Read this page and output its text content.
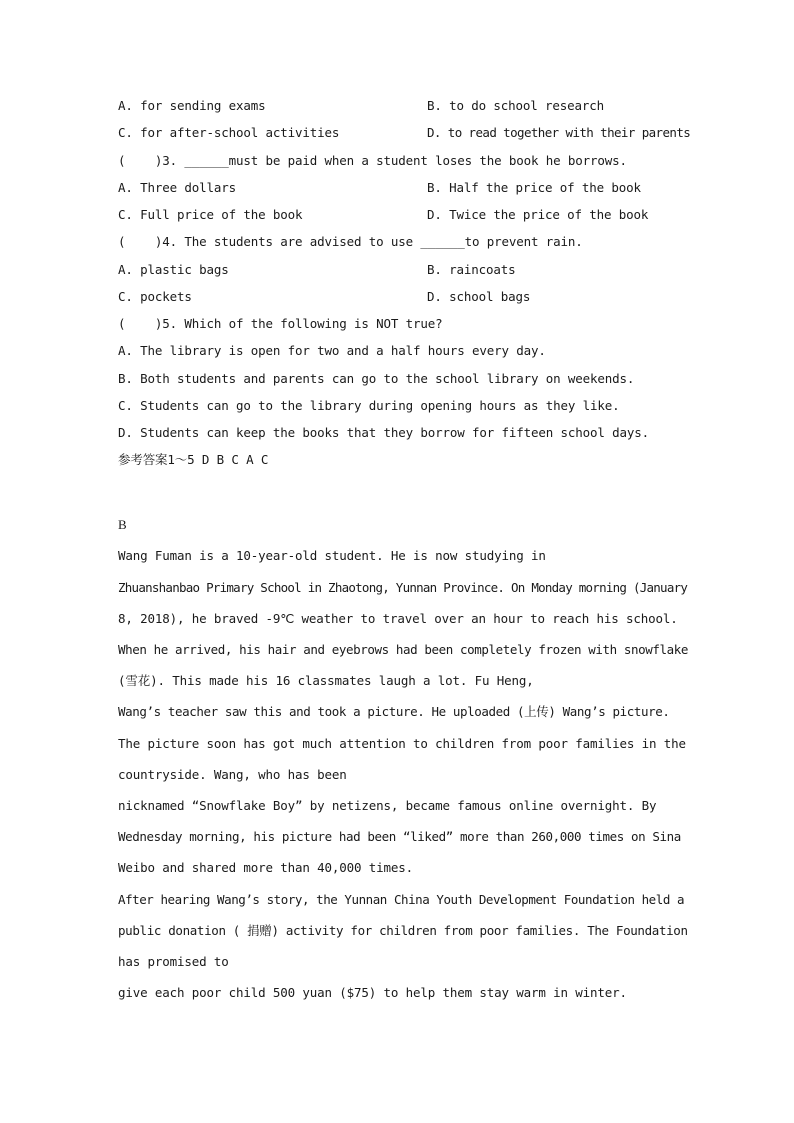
A. for sending exams	B. to do school research
C. for after-school activities	D. to read together with their parents
(    )3. ______must be paid when a student loses the book he borrows.
A. Three dollars	B. Half the price of the book
C. Full price of the book	D. Twice the price of the book
(    )4. The students are advised to use ______to prevent rain.
A. plastic bags	B. raincoats
C. pockets	D. school bags
(    )5. Which of the following is NOT true?
A. The library is open for two and a half hours every day.
B. Both students and parents can go to the school library on weekends.
C. Students can go to the library during opening hours as they like.
D. Students can keep the books that they borrow for fifteen school days.
参考答案1～5 D B C A C
B
Wang Fuman is a 10-year-old student. He is now studying in
Zhuanshanbao Primary School in Zhaotong, Yunnan Province. On Monday morning (January
8, 2018), he braved -9℃ weather to travel over an hour to reach his school.
When he arrived, his hair and eyebrows had been completely frozen with snowflake
(雪花). This made his 16 classmates laugh a lot. Fu Heng,
Wang’s teacher saw this and took a picture. He uploaded (上传) Wang’s picture.
The picture soon has got much attention to children from poor families in the
countryside. Wang, who has been
nicknamed “Snowflake Boy” by netizens, became famous online overnight. By
Wednesday morning, his picture had been “liked” more than 260,000 times on Sina
Weibo and shared more than 40,000 times.
After hearing Wang’s story, the Yunnan China Youth Development Foundation held a
public donation ( 捐赠) activity for children from poor families. The Foundation
has promised to
give each poor child 500 yuan ($75) to help them stay warm in winter.
